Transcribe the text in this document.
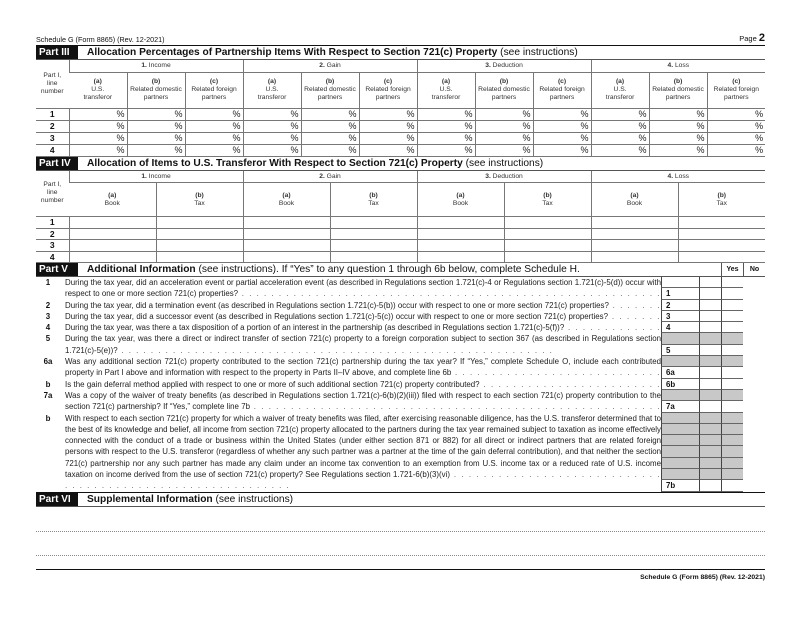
Schedule G (Form 8865) (Rev. 12-2021)	Page 2
Part III	Allocation Percentages of Partnership Items With Respect to Section 721(c) Property (see instructions)
Part I,
line
number	1. Income			2. Gain			3. Deduction			4. Loss		
	(a)
U.S.
transferor	(b)
Related domestic
partners	(c)
Related foreign
partners	(a)
U.S.
transferor	(b)
Related domestic
partners	(c)
Related foreign
partners	(a)
U.S.
transferor	(b)
Related domestic
partners	(c)
Related foreign
partners	(a)
U.S.
transferor	(b)
Related domestic
partners	(c)
Related foreign
partners
1	%	%	%	%	%	%	%	%	%	%	%	%
2	%	%	%	%	%	%	%	%	%	%	%	%
3	%	%	%	%	%	%	%	%	%	%	%	%
4	%	%	%	%	%	%	%	%	%	%	%	%
Part IV	Allocation of Items to U.S. Transferor With Respect to Section 721(c) Property (see instructions)
Part I,
line
number	1. Income		2. Gain		3. Deduction		4. Loss	
	(a)
Book	(b)
Tax	(a)
Book	(b)
Tax	(a)
Book	(b)
Tax	(a)
Book	(b)
Tax
1								
2								
3								
4								
Part V	Additional Information (see instructions). If “Yes” to any question 1 through 6b below, complete Schedule H.	Yes	No
1	During the tax year, did an acceleration event or partial acceleration event (as described in Regulations section 1.721(c)-4 or Regulations section 1.721(c)-5(d)) occur with respect to one or more section 721(c) properties? . . .	1
2	During the tax year, did a termination event (as described in Regulations section 1.721(c)-5(b)) occur with respect to one or more section 721(c) properties? . . .	2
3	During the tax year, did a successor event (as described in Regulations section 1.721(c)-5(c)) occur with respect to one or more section 721(c) properties? . . .	3
4	During the tax year, was there a tax disposition of a portion of an interest in the partnership (as described in Regulations section 1.721(c)-5(f))? . . .	4
5	During the tax year, was there a direct or indirect transfer of section 721(c) property to a foreign corporation subject to section 367 (as described in Regulations section 1.721(c)-5(e))? . . .	5
6a	Was any additional section 721(c) property contributed to the section 721(c) partnership during the tax year? If “Yes,” complete Schedule O, include each contributed property in Part I above and information with respect to the property in Parts II–IV above, and complete line 6b . . .	6a
b	Is the gain deferral method applied with respect to one or more of such additional section 721(c) property contributed? . . .	6b
7a	Was a copy of the waiver of treaty benefits (as described in Regulations section 1.721(c)-6(b)(2)(iii)) filed with respect to each section 721(c) property contribution to the section 721(c) partnership? If “Yes,” complete line 7b . . .	7a
b	With respect to each section 721(c) property for which a waiver of treaty benefits was filed, after exercising reasonable diligence, has the U.S. transferor determined that to the best of its knowledge and belief, all income from section 721(c) property allocated to the partners during the tax year remained subject to taxation as income effectively connected with the conduct of a trade or business within the United States (under either section 871 or 882) for all direct or indirect partners that are related foreign persons with respect to the U.S. transferor (regardless of whether any such partner was a partner at the time of the gain deferral contribution), and that neither the section 721(c) partnership nor any such partner has made any claim under an income tax convention to an exemption from U.S. income tax or a reduced rate of U.S. income taxation on income derived from the use of section 721(c) property? See Regulations section 1.721-6(b)(3)(vi) . . .
7b
Part VI	Supplemental Information (see instructions)
Schedule G (Form 8865) (Rev. 12-2021)
